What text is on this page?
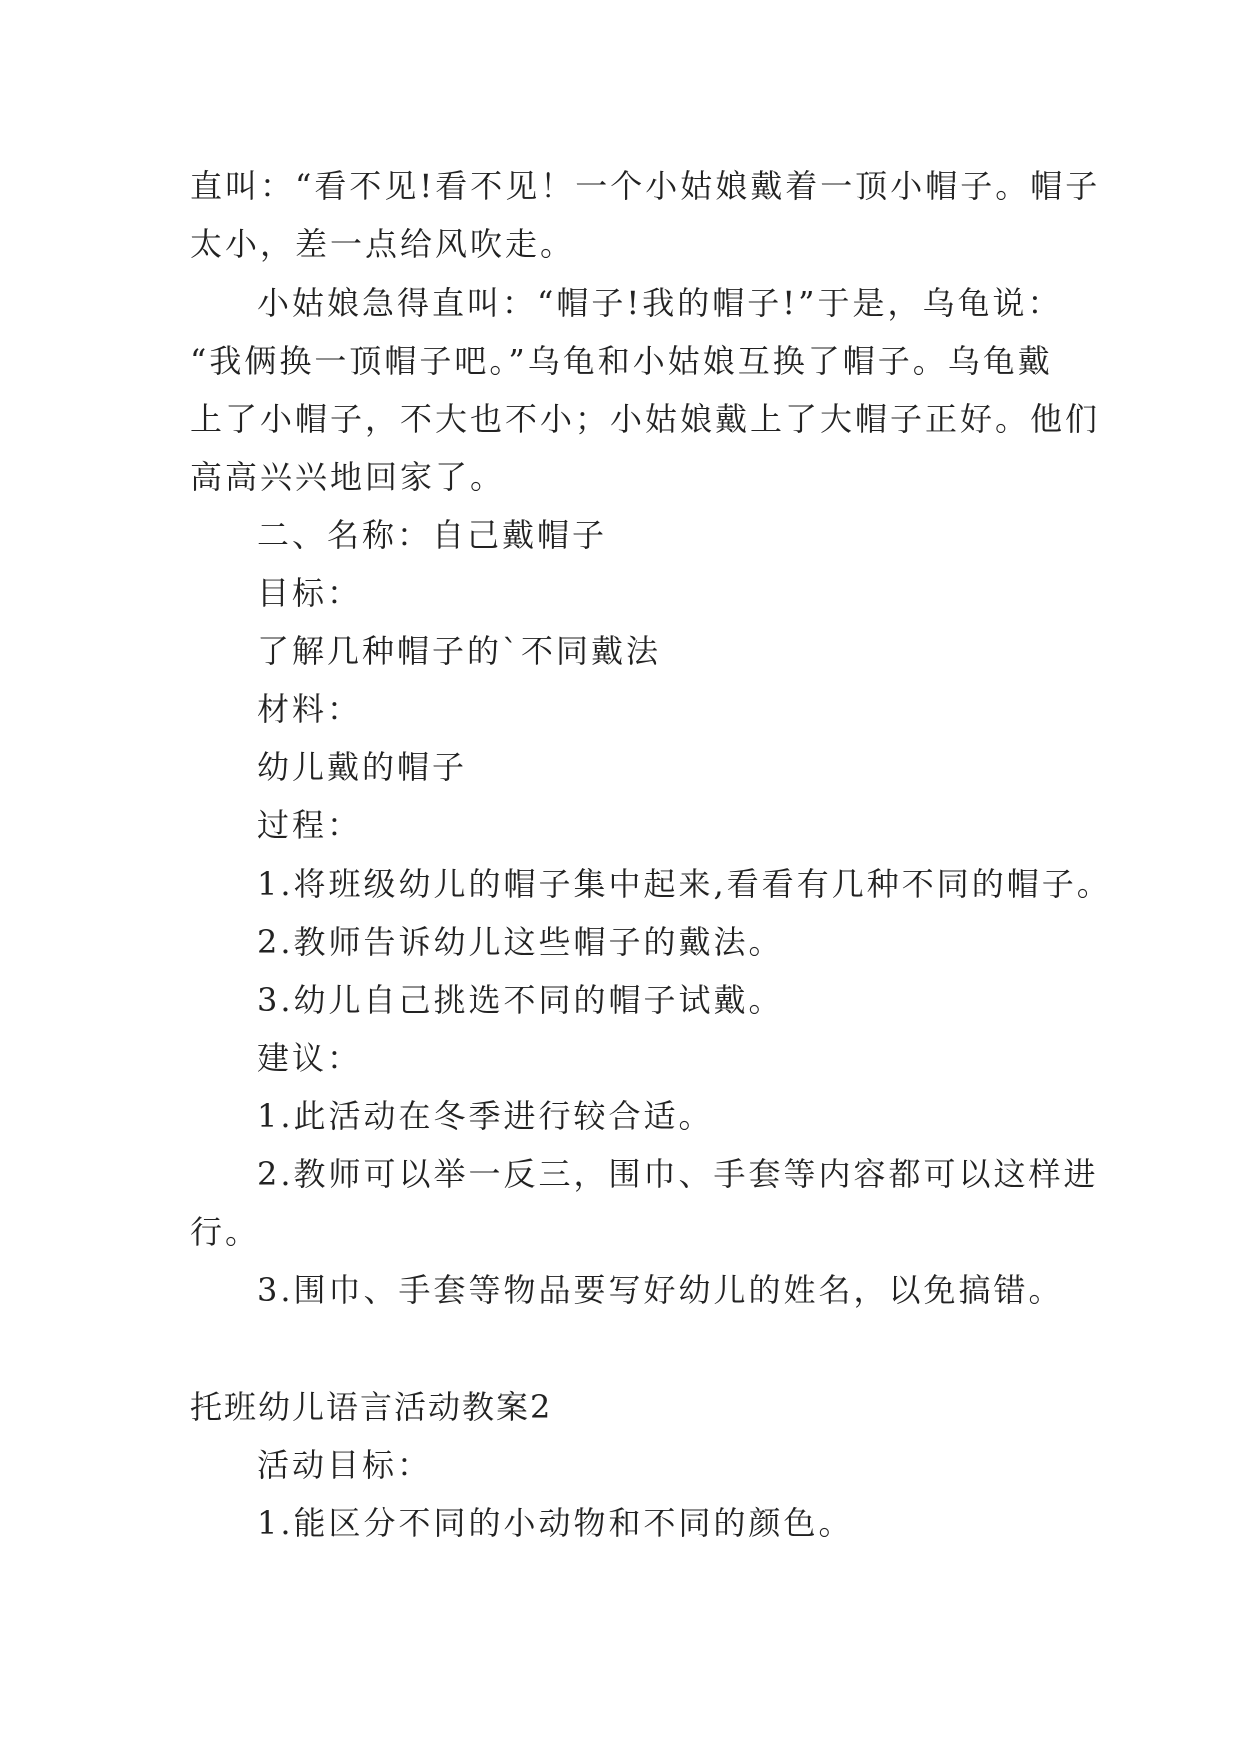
直叫：“看不见!看不见！一个小姑娘戴着一顶小帽子。帽子
太小，差一点给风吹走。
小姑娘急得直叫：“帽子!我的帽子!”于是，乌龟说：
“我俩换一顶帽子吧。”乌龟和小姑娘互换了帽子。乌龟戴
上了小帽子，不大也不小；小姑娘戴上了大帽子正好。他们
高高兴兴地回家了。
二、名称：自己戴帽子
目标：
了解几种帽子的`不同戴法
材料：
幼儿戴的帽子
过程：
1.将班级幼儿的帽子集中起来,看看有几种不同的帽子。
2.教师告诉幼儿这些帽子的戴法。
3.幼儿自己挑选不同的帽子试戴。
建议：
1.此活动在冬季进行较合适。
2.教师可以举一反三，围巾、手套等内容都可以这样进
行。
3.围巾、手套等物品要写好幼儿的姓名，以免搞错。
托班幼儿语言活动教案2
活动目标：
1.能区分不同的小动物和不同的颜色。
